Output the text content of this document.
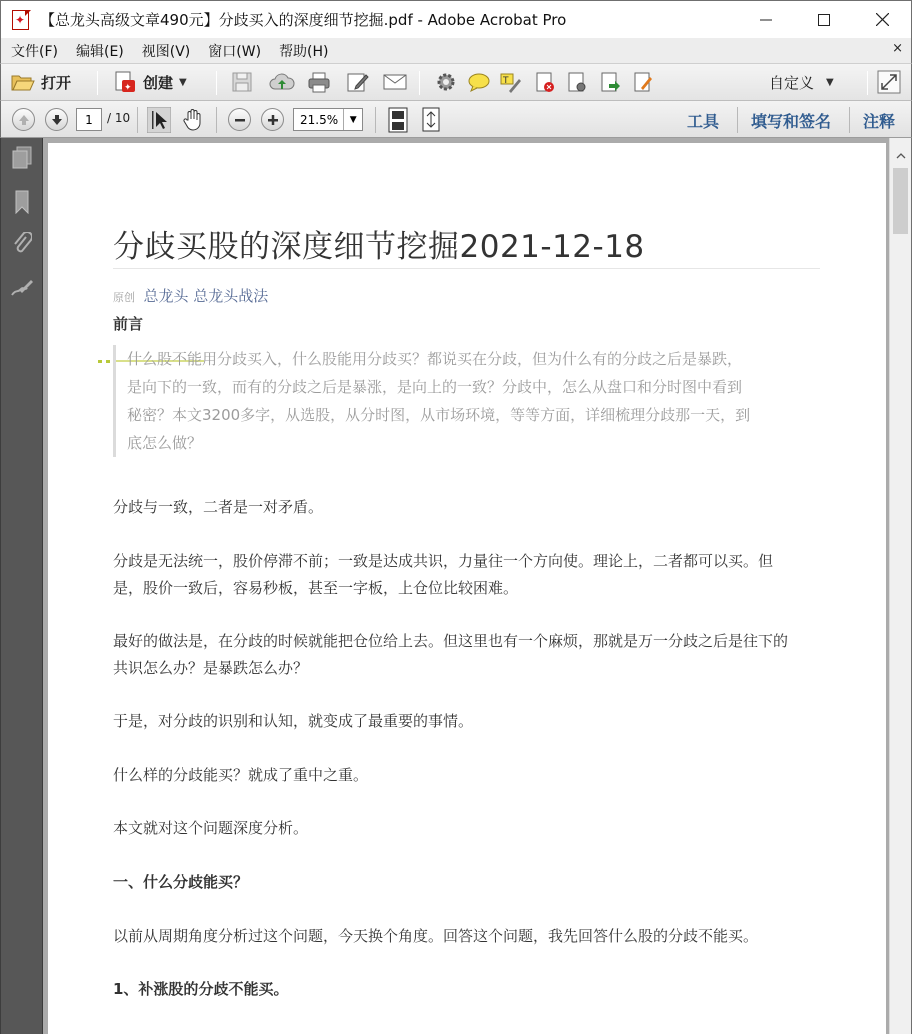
✦ 【总龙头高级文章490元】分歧买入的深度细节挖掘.pdf - Adobe Acrobat Pro
文件(F) 编辑(E) 视图(V) 窗口(W) 帮助(H)	×
打开	✦ 创建 ▼	T	自定义 ▼
1	/ 10	21.5%	▼	工具 填写和签名 注释
分歧买股的深度细节挖掘2021-12-18
原创 总龙头 总龙头战法
前言

什么股不能用分歧买入，什么股能用分歧买？都说买在分歧，但为什么有的分歧之后是暴跌，

是向下的一致，而有的分歧之后是暴涨，是向上的一致？分歧中，怎么从盘口和分时图中看到

秘密？本文3200多字，从选股，从分时图，从市场环境，等等方面，详细梳理分歧那一天，到

底怎么做？

分歧与一致，二者是一对矛盾。
分歧是无法统一，股价停滞不前；一致是达成共识，力量往一个方向使。理论上，二者都可以买。但
是，股价一致后，容易秒板，甚至一字板，上仓位比较困难。
最好的做法是，在分歧的时候就能把仓位给上去。但这里也有一个麻烦，那就是万一分歧之后是往下的
共识怎么办？是暴跌怎么办？
于是，对分歧的识别和认知，就变成了最重要的事情。
什么样的分歧能买？就成了重中之重。
本文就对这个问题深度分析。
一、什么分歧能买？
以前从周期角度分析过这个问题，今天换个角度。回答这个问题，我先回答什么股的分歧不能买。
1、补涨股的分歧不能买。
